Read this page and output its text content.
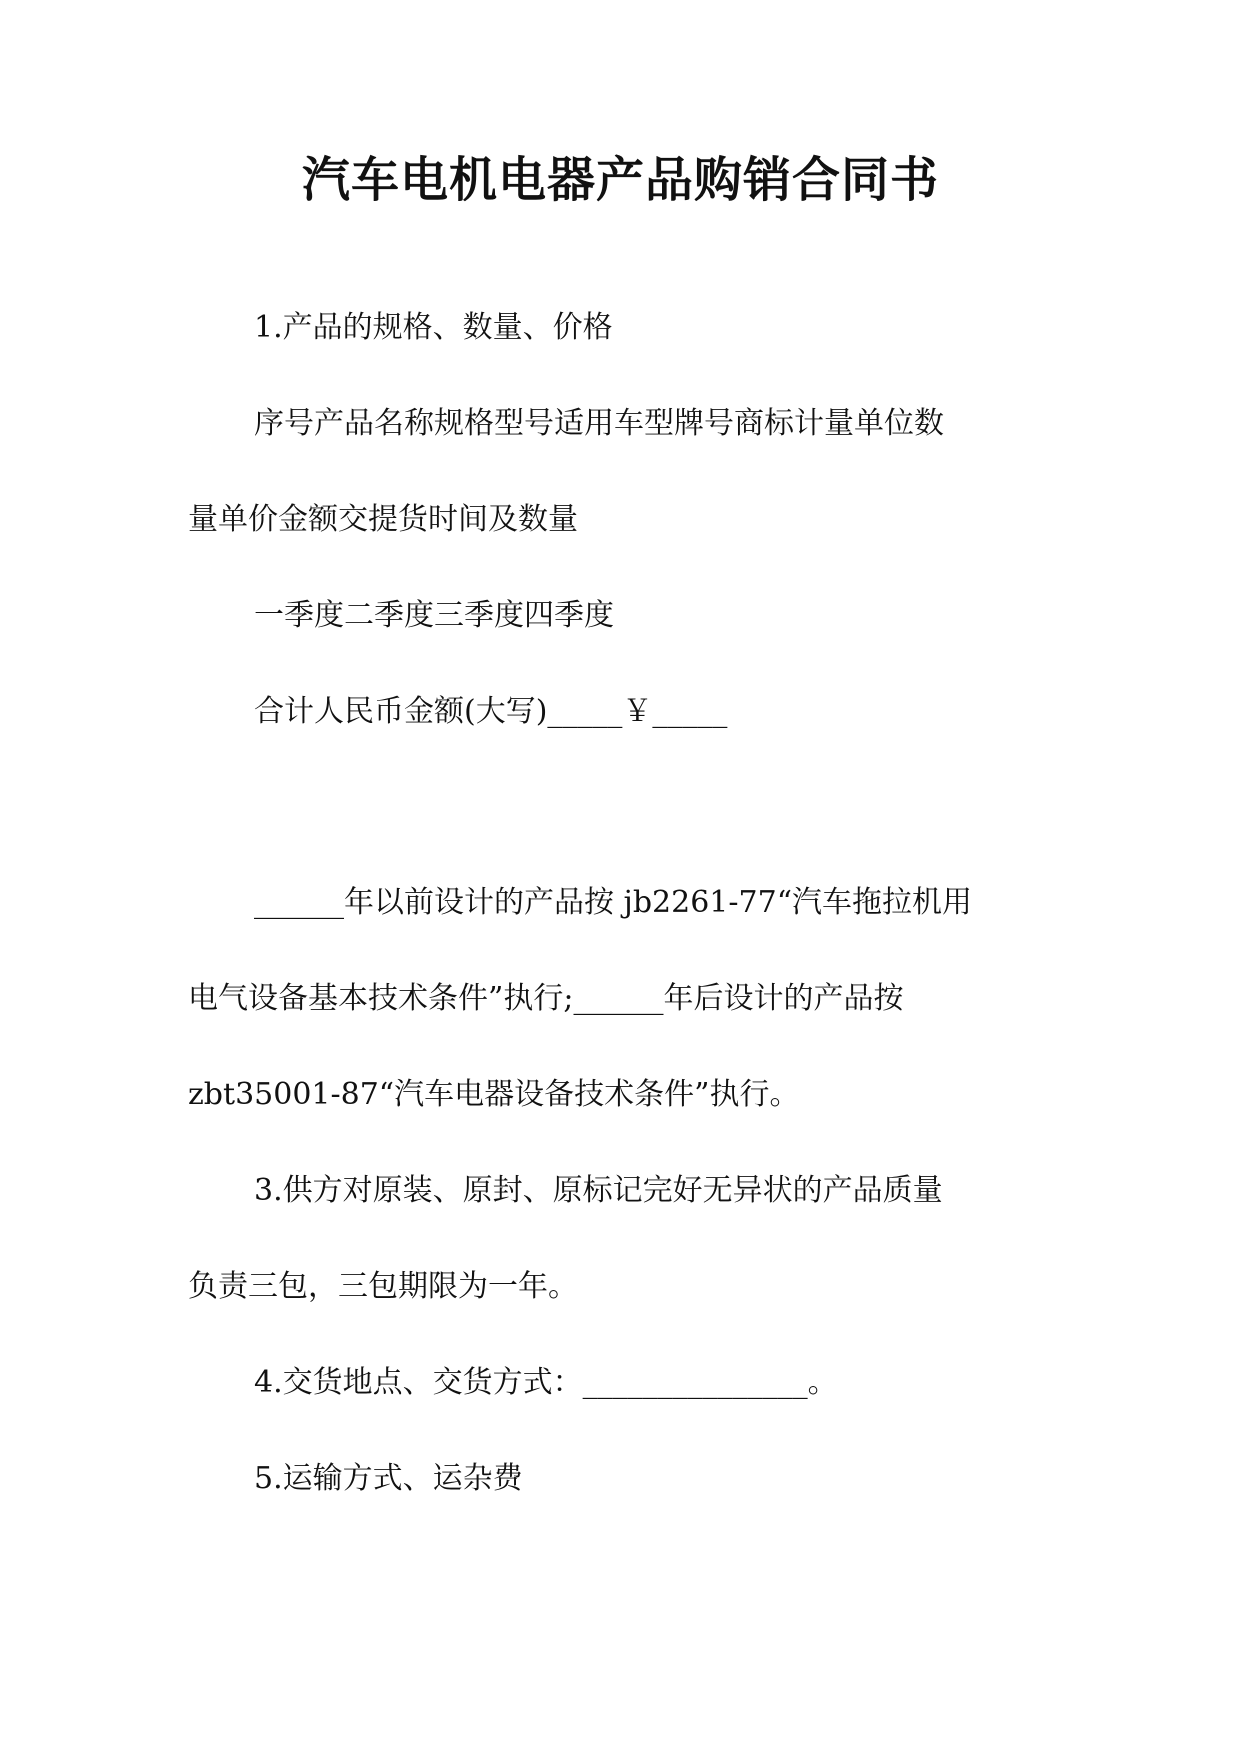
汽车电机电器产品购销合同书
1.产品的规格、数量、价格
序号产品名称规格型号适用车型牌号商标计量单位数
量单价金额交提货时间及数量
一季度二季度三季度四季度
合计人民币金额(大写)_____￥_____
______年以前设计的产品按 jb2261-77“汽车拖拉机用
电气设备基本技术条件”执行;______年后设计的产品按
zbt35001-87“汽车电器设备技术条件”执行。
3.供方对原装、原封、原标记完好无异状的产品质量
负责三包，三包期限为一年。
4.交货地点、交货方式：_______________。
5.运输方式、运杂费
